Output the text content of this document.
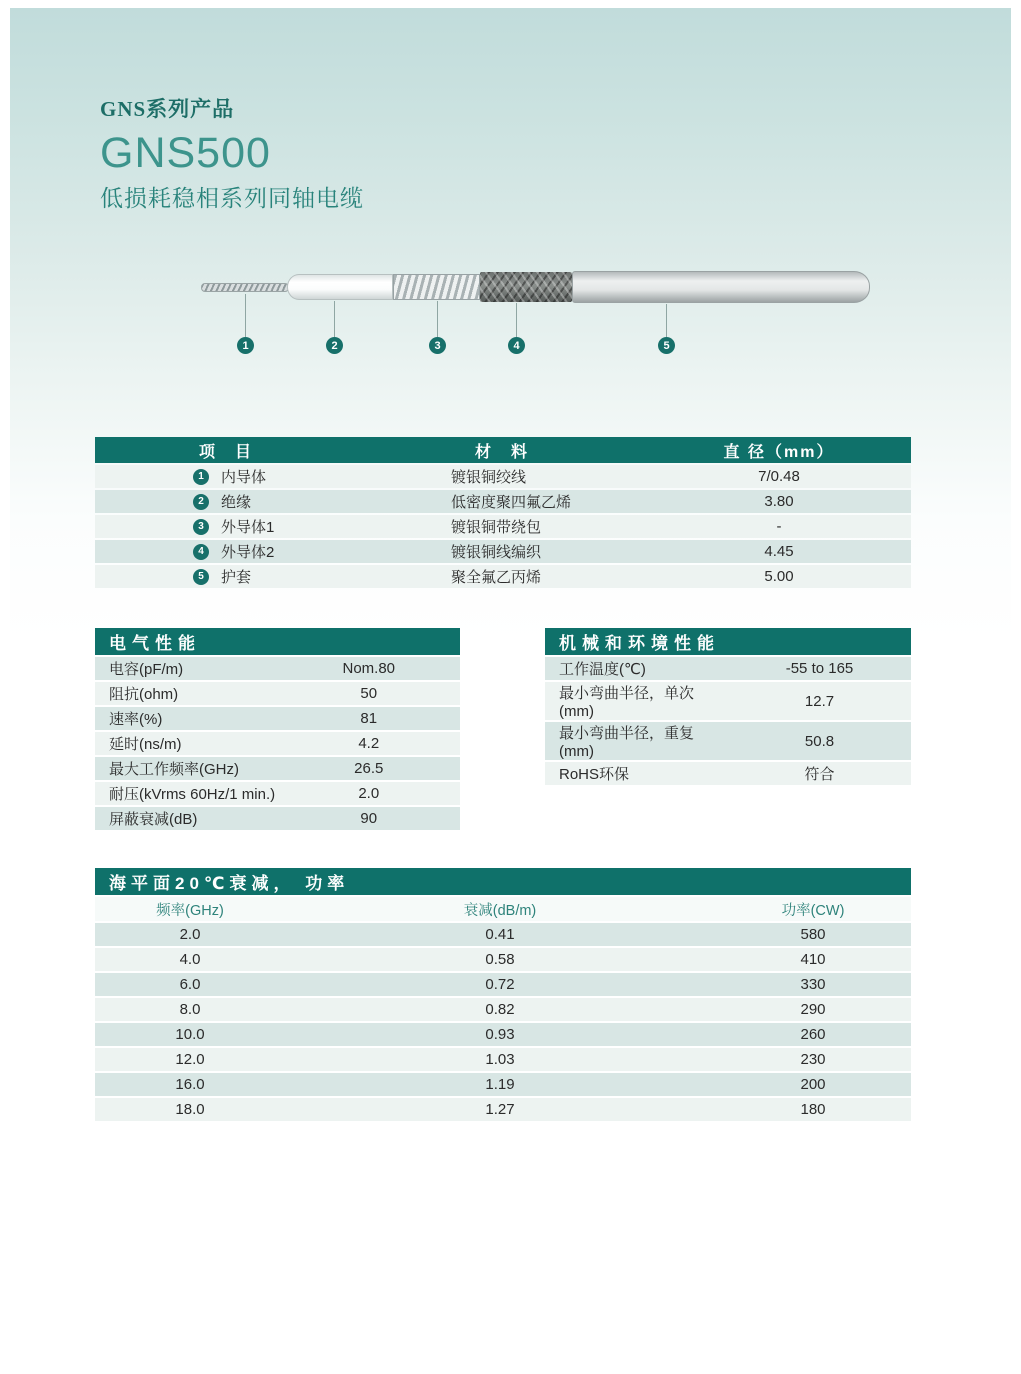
GNS系列产品
GNS500
低损耗稳相系列同轴电缆
1	2	3	4	5
项　目	材　料	直 径（mm）

1 内导体	镀银铜绞线	7/0.48

2 绝缘	低密度聚四氟乙烯	3.80

3 外导体1	镀银铜带绕包	-

4 外导体2	镀银铜线编织	4.45

5 护套	聚全氟乙丙烯	5.00
电气性能	
电容(pF/m)	Nom.80
阻抗(ohm)	50
速率(%)	81
延时(ns/m)	4.2
最大工作频率(GHz)	26.5
耐压(kVrms 60Hz/1 min.)	2.0
屏蔽衰减(dB)	90
机械和环境性能	
工作温度(℃)	-55 to 165
最小弯曲半径，单次(mm)	12.7
最小弯曲半径，重复(mm)	50.8
RoHS环保	符合
海平面20℃衰减， 功率
频率(GHz)	衰减(dB/m)	功率(CW)
2.0	0.41	580
4.0	0.58	410
6.0	0.72	330
8.0	0.82	290
10.0	0.93	260
12.0	1.03	230
16.0	1.19	200
18.0	1.27	180
